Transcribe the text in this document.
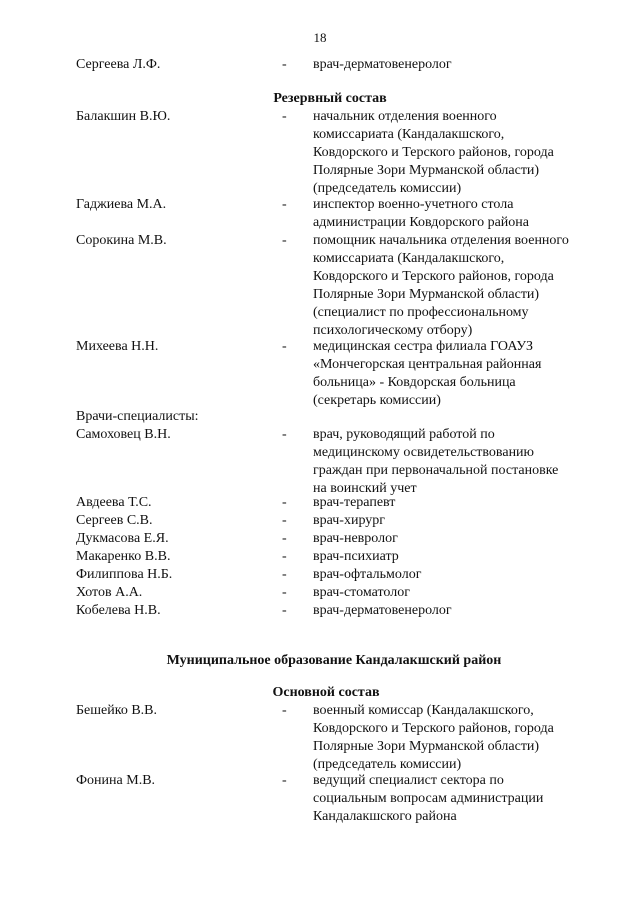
18
Сергеева Л.Ф.	- врач-дерматовенеролог
Резервный состав
Балакшин В.Ю.	- начальник отделения военного
комиссариата (Кандалакшского,
Ковдорского и Терского районов, города
Полярные Зори Мурманской области)
(председатель комиссии)
Гаджиева М.А.	- инспектор военно-учетного стола
администрации Ковдорского района
Сорокина М.В.	- помощник начальника отделения военного
комиссариата (Кандалакшского,
Ковдорского и Терского районов, города
Полярные Зори Мурманской области)
(специалист по профессиональному
психологическому отбору)
Михеева Н.Н.	- медицинская сестра филиала ГОАУЗ
«Мончегорская центральная районная
больница» - Ковдорская больница
(секретарь комиссии)
Врачи-специалисты:
Самоховец В.Н.	- врач, руководящий работой по
медицинскому освидетельствованию
граждан при первоначальной постановке
на воинский учет
Авдеева Т.С.	- врач-терапевт
Сергеев С.В.	- врач-хирург
Дукмасова Е.Я.	- врач-невролог
Макаренко В.В.	- врач-психиатр
Филиппова Н.Б.	- врач-офтальмолог
Хотов А.А.	- врач-стоматолог
Кобелева Н.В.	- врач-дерматовенеролог
Муниципальное образование Кандалакшский район
Основной состав
Бешейко В.В.	- военный комиссар (Кандалакшского,
Ковдорского и Терского районов, города
Полярные Зори Мурманской области)
(председатель комиссии)
Фонина М.В.	- ведущий специалист сектора по
социальным вопросам администрации
Кандалакшского района
